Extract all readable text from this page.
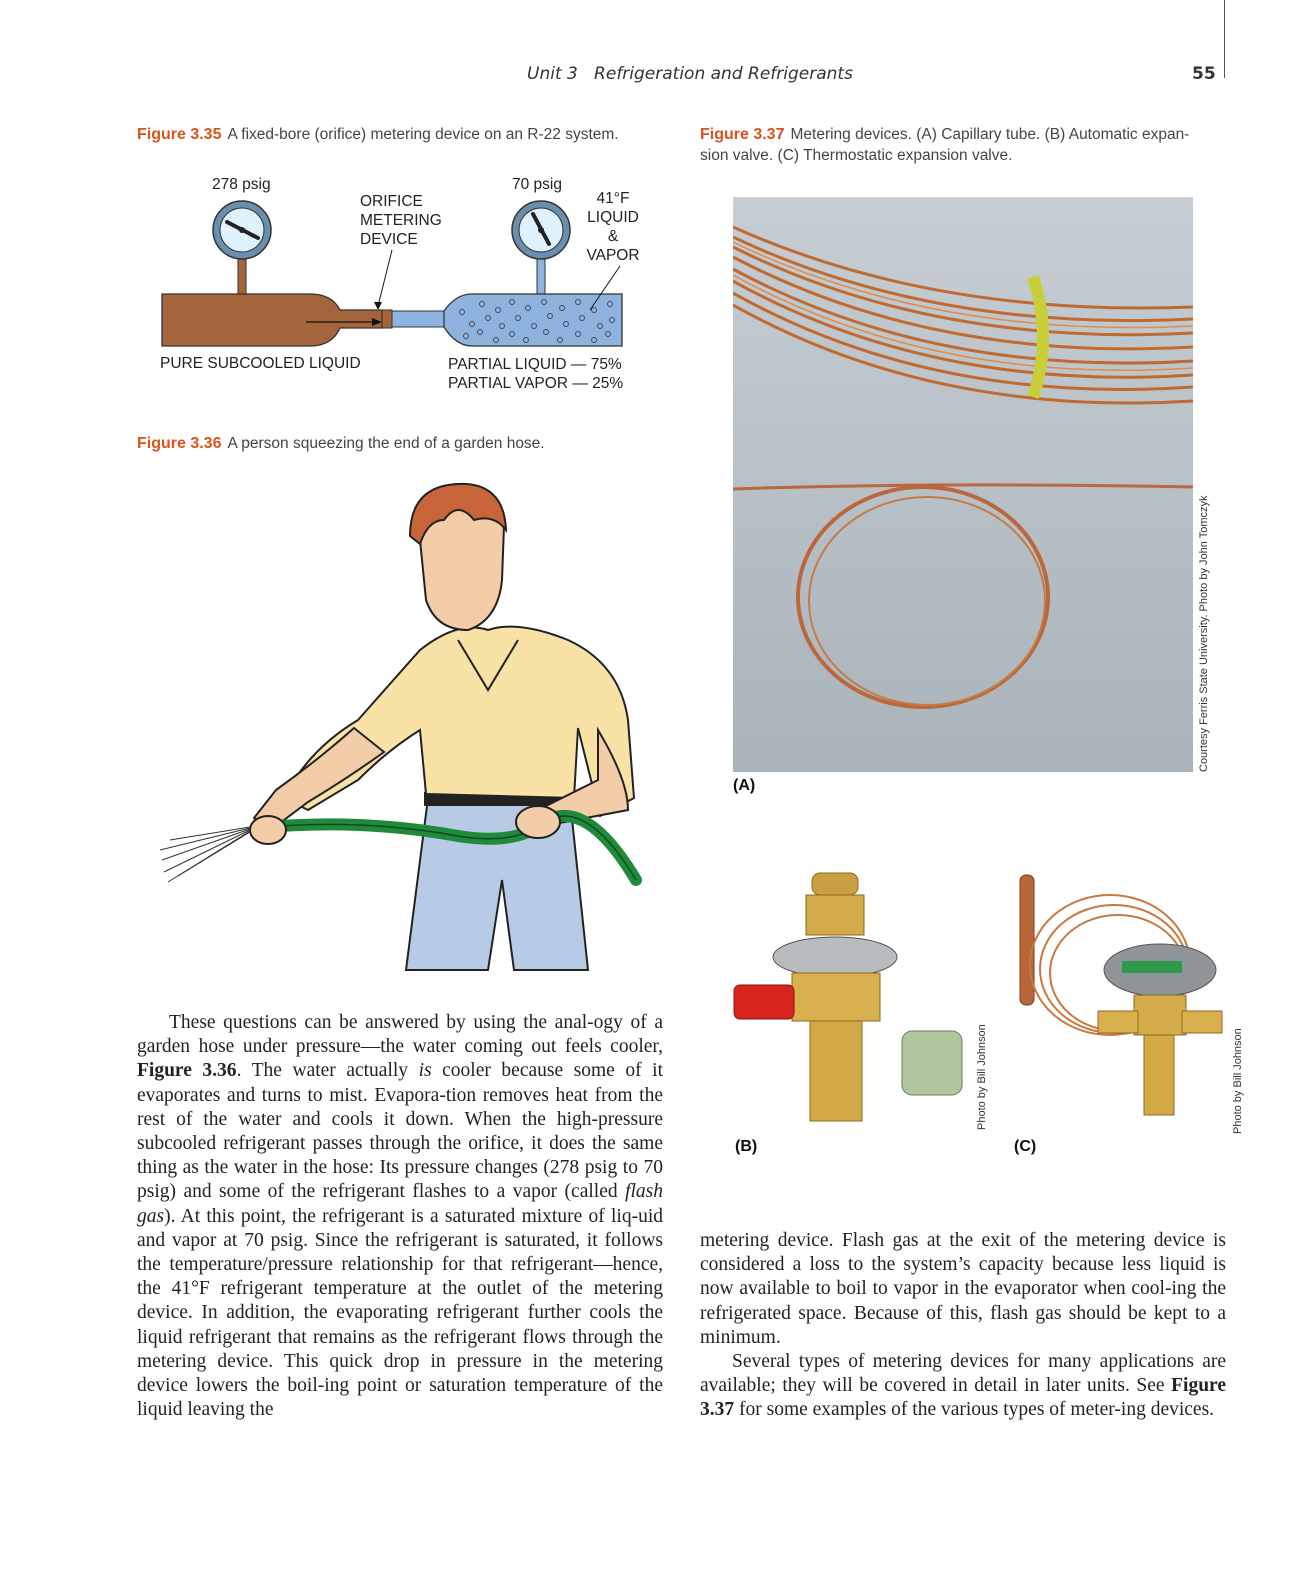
Unit 3 Refrigeration and Refrigerants	55
Figure 3.35 A fixed-bore (orifice) metering device on an R-22 system.
278 psig	70 psig
ORIFICE
METERING
DEVICE
41°F
LIQUID
&
VAPOR
PURE SUBCOOLED LIQUID	PARTIAL LIQUID — 75%
PARTIAL VAPOR — 25%
Figure 3.36 A person squeezing the end of a garden hose.
Figure 3.37 Metering devices. (A) Capillary tube. (B) Automatic expan-
sion valve. (C) Thermostatic expansion valve.
(A)
Courtesy Ferris State University. Photo by John Tomczyk
(B)
Photo by Bill Johnson
(C)
Photo by Bill Johnson

These questions can be answered by using the anal-ogy of a garden hose under pressure—the water coming out feels cooler, Figure 3.36. The water actually is cooler because some of it evaporates and turns to mist. Evapora-tion removes heat from the rest of the water and cools it down. When the high-pressure subcooled refrigerant passes through the orifice, it does the same thing as the water in the hose: Its pressure changes (278 psig to 70 psig) and some of the refrigerant flashes to a vapor (called flash gas). At this point, the refrigerant is a saturated mixture of liq-uid and vapor at 70 psig. Since the refrigerant is saturated, it follows the temperature/pressure relationship for that refrigerant—hence, the 41°F refrigerant temperature at the outlet of the metering device. In addition, the evaporating refrigerant further cools the liquid refrigerant that remains as the refrigerant flows through the metering device. This quick drop in pressure in the metering device lowers the boil-ing point or saturation temperature of the liquid leaving the

metering device. Flash gas at the exit of the metering device is considered a loss to the system’s capacity because less liquid is now available to boil to vapor in the evaporator when cool-ing the refrigerated space. Because of this, flash gas should be kept to a minimum.

Several types of metering devices for many applications are available; they will be covered in detail in later units. See Figure 3.37 for some examples of the various types of meter-ing devices.
